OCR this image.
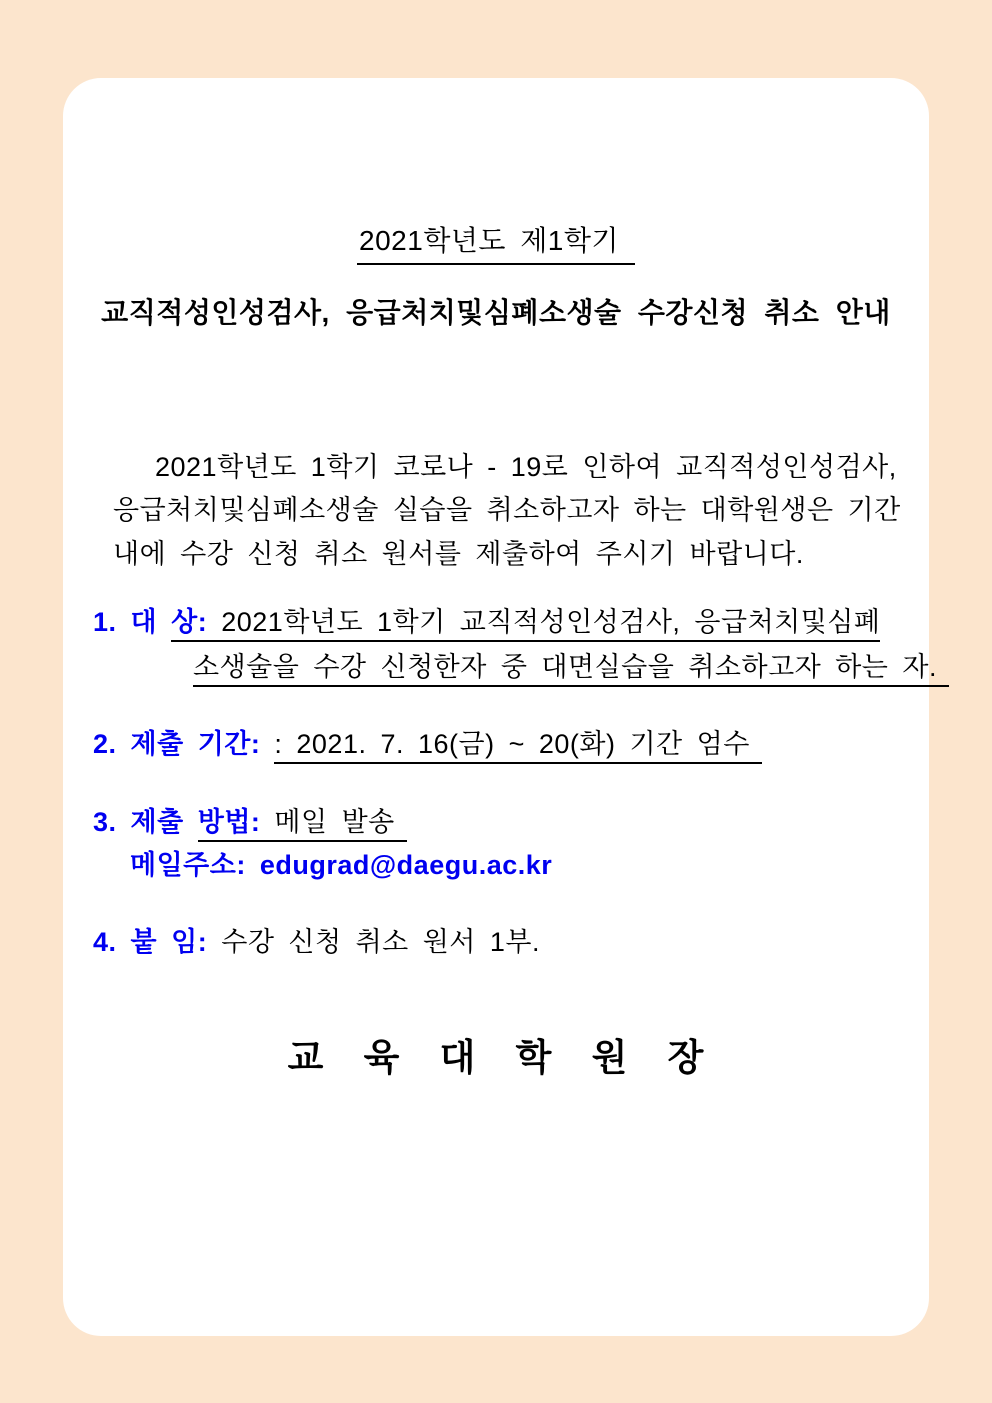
2021학년도 제1학기
교직적성인성검사, 응급처치및심폐소생술 수강신청 취소 안내
2021학년도 1학기 코로나 - 19로 인하여 교직적성인성검사,
응급처치및심폐소생술 실습을 취소하고자 하는 대학원생은 기간
내에 수강 신청 취소 원서를 제출하여 주시기 바랍니다.
1. 대 상: 2021학년도 1학기 교직적성인성검사, 응급처치및심폐
소생술을 수강 신청한자 중 대면실습을 취소하고자 하는 자.
2. 제출 기간: : 2021. 7. 16(금) ~ 20(화) 기간 엄수
3. 제출 방법: 메일 발송
메일주소: edugrad@daegu.ac.kr
4. 붙 임: 수강 신청 취소 원서 1부.
교 육 대 학 원 장
